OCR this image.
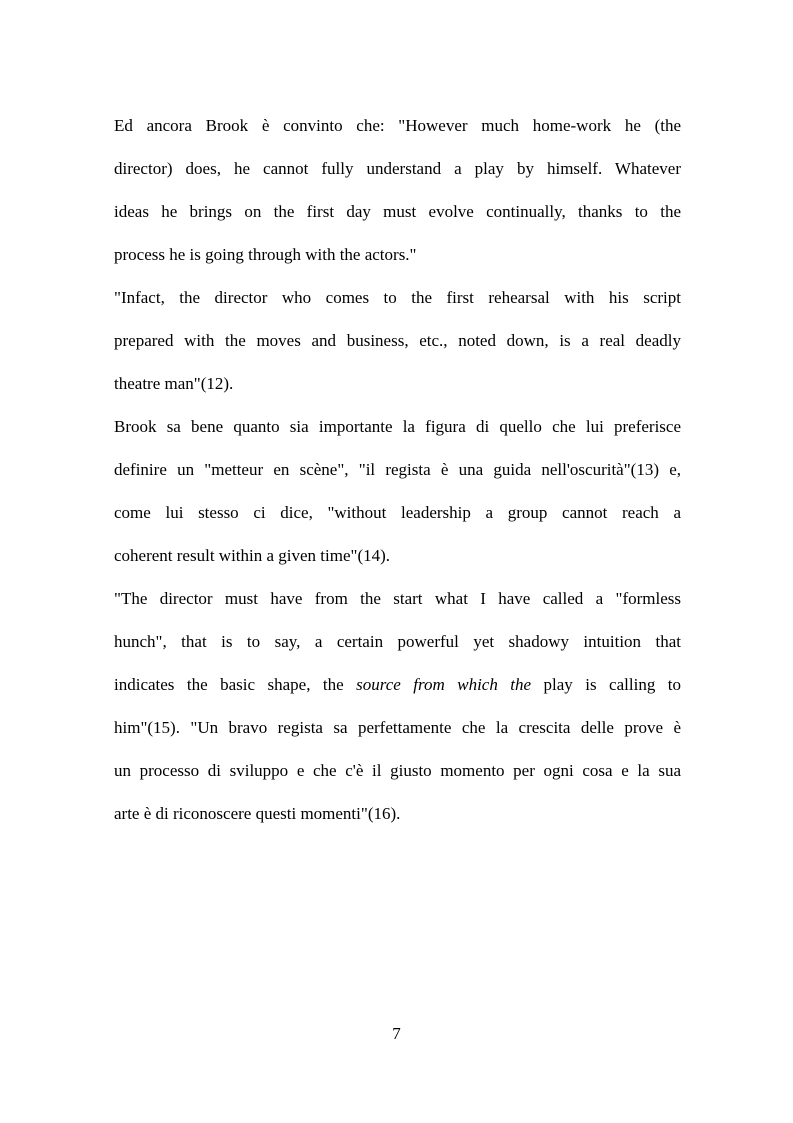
Ed ancora Brook è convinto che: "However much home-work he (the
director) does, he cannot fully understand a play by himself. Whatever
ideas he brings on the first day must evolve continually, thanks to the
process he is going through with the actors."
"Infact, the director who comes to the first rehearsal with his script
prepared with the moves and business, etc., noted down, is a real deadly
theatre man"(12).
Brook sa bene quanto sia importante la figura di quello che lui preferisce
definire un "metteur en scène", "il regista è una guida nell'oscurità"(13) e,
come lui stesso ci dice, "without leadership a group cannot reach a
coherent result within a given time"(14).
"The director must have from the start what I have called a "formless
hunch", that is to say, a certain powerful yet shadowy intuition that
indicates the basic shape, the source from which the play is calling to
him"(15). "Un bravo regista sa perfettamente che la crescita delle prove è
un processo di sviluppo e che c'è il giusto momento per ogni cosa e la sua
arte è di riconoscere questi momenti"(16).
7
